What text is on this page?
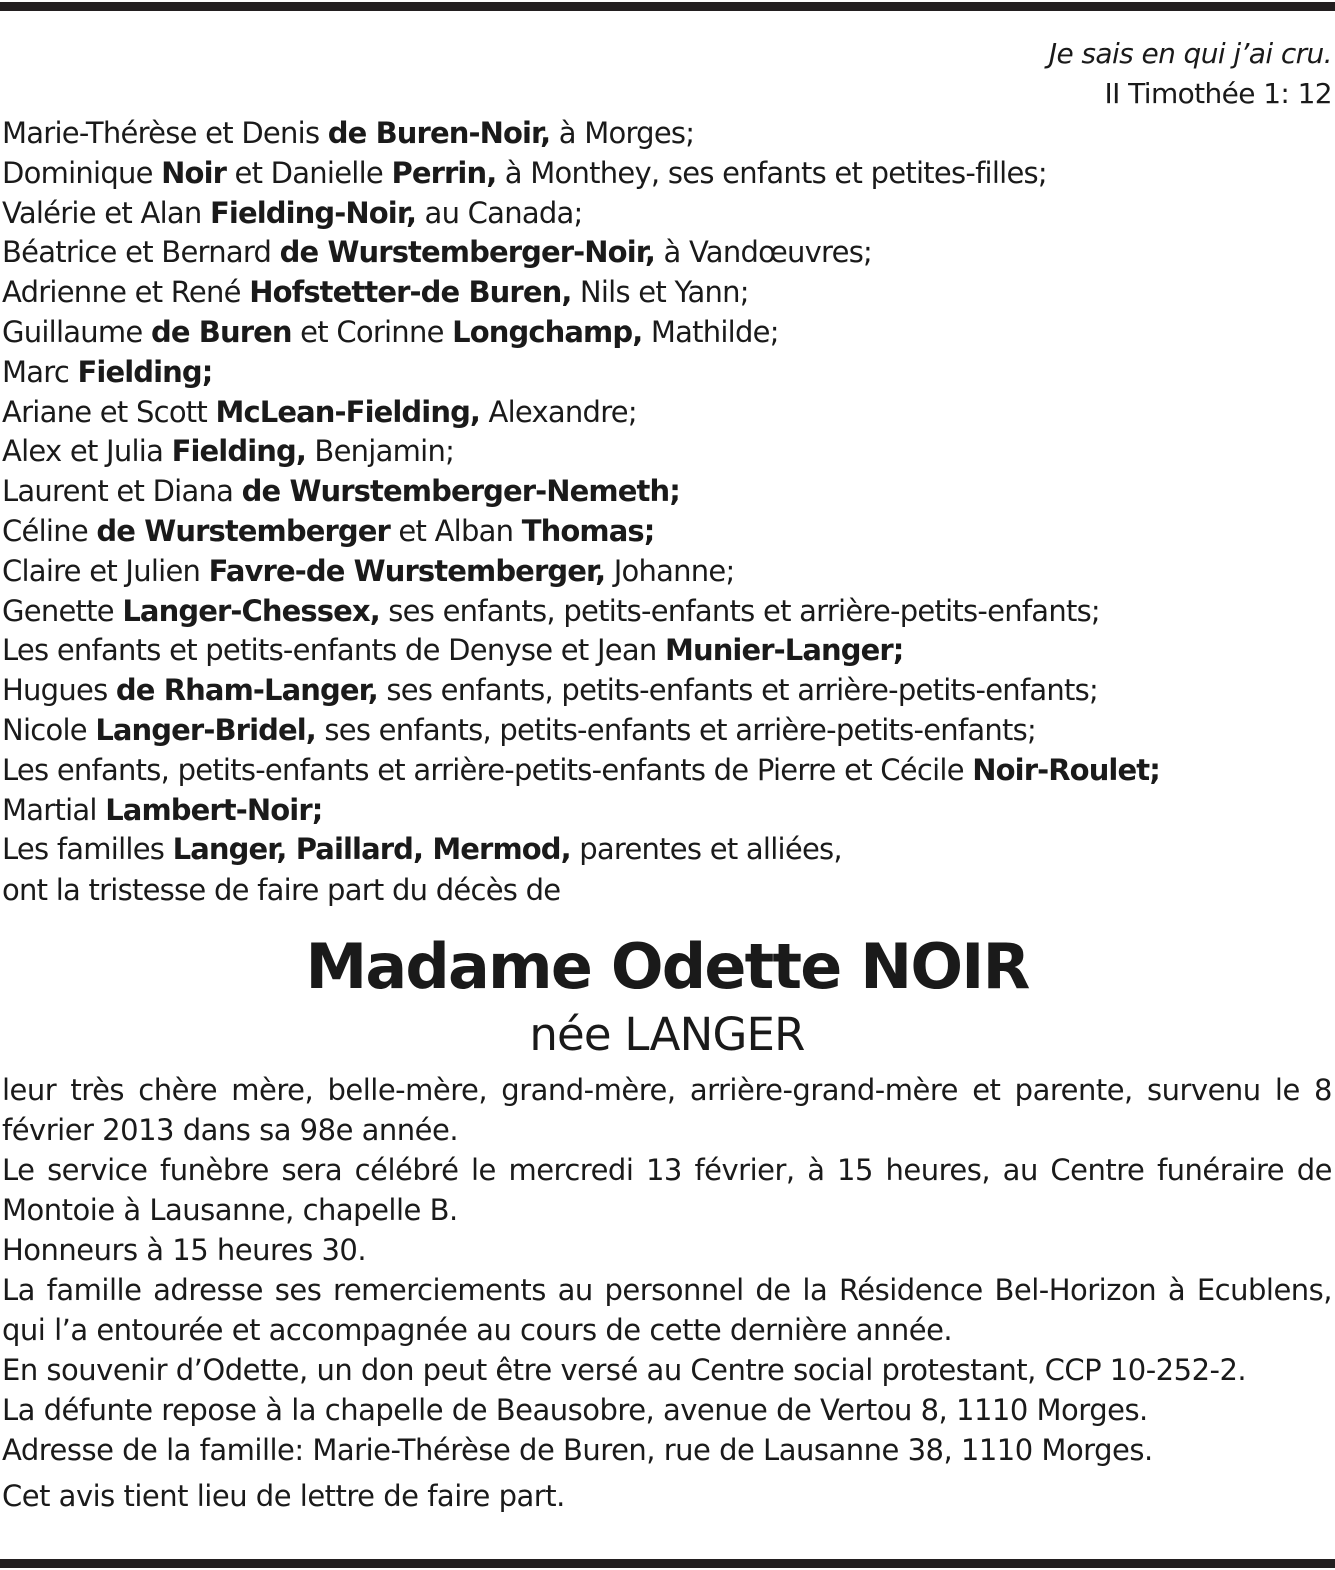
Je sais en qui j’ai cru.
II Timothée 1: 12
Marie-Thérèse et Denis de Buren-Noir, à Morges;
Dominique Noir et Danielle Perrin, à Monthey, ses enfants et petites-filles;
Valérie et Alan Fielding-Noir, au Canada;
Béatrice et Bernard de Wurstemberger-Noir, à Vandœuvres;
Adrienne et René Hofstetter-de Buren, Nils et Yann;
Guillaume de Buren et Corinne Longchamp, Mathilde;
Marc Fielding;
Ariane et Scott McLean-Fielding, Alexandre;
Alex et Julia Fielding, Benjamin;
Laurent et Diana de Wurstemberger-Nemeth;
Céline de Wurstemberger et Alban Thomas;
Claire et Julien Favre-de Wurstemberger, Johanne;
Genette Langer-Chessex, ses enfants, petits-enfants et arrière-petits-enfants;
Les enfants et petits-enfants de Denyse et Jean Munier-Langer;
Hugues de Rham-Langer, ses enfants, petits-enfants et arrière-petits-enfants;
Nicole Langer-Bridel, ses enfants, petits-enfants et arrière-petits-enfants;
Les enfants, petits-enfants et arrière-petits-enfants de Pierre et Cécile Noir-Roulet;
Martial Lambert-Noir;
Les familles Langer, Paillard, Mermod, parentes et alliées,
ont la tristesse de faire part du décès de
Madame Odette NOIR
née LANGER
leur très chère mère, belle-mère, grand-mère, arrière-grand-mère et parente, survenu le 8 février 2013 dans sa 98e année.
Le service funèbre sera célébré le mercredi 13 février, à 15 heures, au Centre funéraire de Montoie à Lausanne, chapelle B.
Honneurs à 15 heures 30.
La famille adresse ses remerciements au personnel de la Résidence Bel-Horizon à Ecublens, qui l’a entourée et accompagnée au cours de cette dernière année.
En souvenir d’Odette, un don peut être versé au Centre social protestant, CCP 10-252-2.
La défunte repose à la chapelle de Beausobre, avenue de Vertou 8, 1110 Morges.
Adresse de la famille: Marie-Thérèse de Buren, rue de Lausanne 38, 1110 Morges.
Cet avis tient lieu de lettre de faire part.
